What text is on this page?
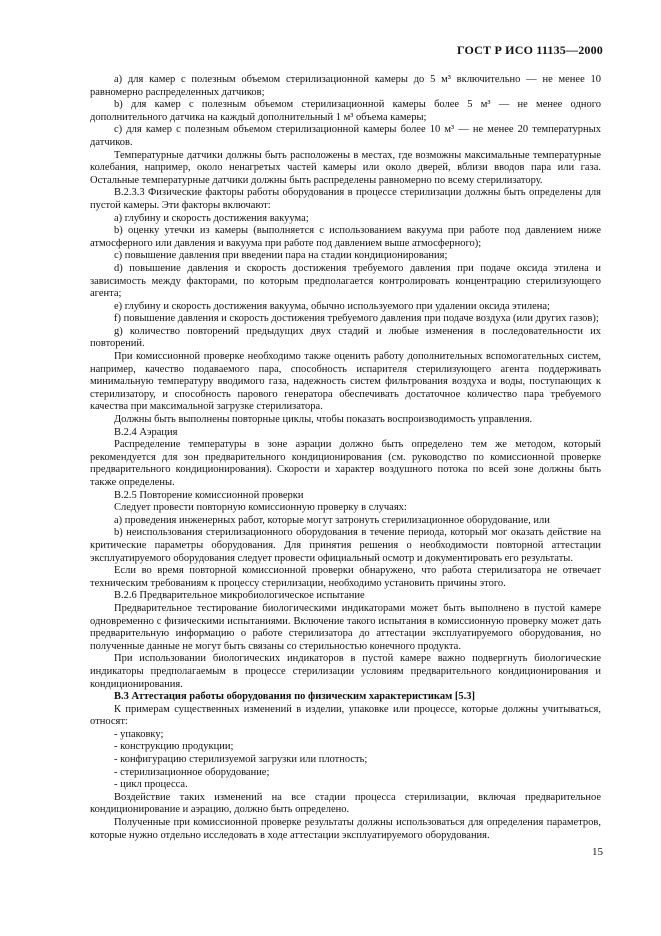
ГОСТ Р ИСО 11135—2000

a) для камер с полезным объемом стерилизационной камеры до 5 м³ включительно — не менее 10 равномерно распределенных датчиков;

b) для камер с полезным объемом стерилизационной камеры более 5 м³ — не менее одного дополнительного датчика на каждый дополнительный 1 м³ объема камеры;

c) для камер с полезным объемом стерилизационной камеры более 10 м³ — не менее 20 температурных датчиков.

Температурные датчики должны быть расположены в местах, где возможны максимальные температурные колебания, например, около ненагретых частей камеры или около дверей, вблизи вводов пара или газа. Остальные температурные датчики должны быть распределены равномерно по всему стерилизатору.

B.2.3.3 Физические факторы работы оборудования в процессе стерилизации должны быть определены для пустой камеры. Эти факторы включают:

a) глубину и скорость достижения вакуума;

b) оценку утечки из камеры (выполняется с использованием вакуума при работе под давлением ниже атмосферного или давления и вакуума при работе под давлением выше атмосферного);

c) повышение давления при введении пара на стадии кондиционирования;

d) повышение давления и скорость достижения требуемого давления при подаче оксида этилена и зависимость между факторами, по которым предполагается контролировать концентрацию стерилизующего агента;

e) глубину и скорость достижения вакуума, обычно используемого при удалении оксида этилена;

f) повышение давления и скорость достижения требуемого давления при подаче воздуха (или других газов);

g) количество повторений предыдущих двух стадий и любые изменения в последовательности их повторений.

При комиссионной проверке необходимо также оценить работу дополнительных вспомогательных систем, например, качество подаваемого пара, способность испарителя стерилизующего агента поддерживать минимальную температуру вводимого газа, надежность систем фильтрования воздуха и воды, поступающих к стерилизатору, и способность парового генератора обеспечивать достаточное количество пара требуемого качества при максимальной загрузке стерилизатора.

Должны быть выполнены повторные циклы, чтобы показать воспроизводимость управления.

B.2.4 Аэрация

Распределение температуры в зоне аэрации должно быть определено тем же методом, который рекомендуется для зон предварительного кондиционирования (см. руководство по комиссионной проверке предварительного кондиционирования). Скорости и характер воздушного потока по всей зоне должны быть также определены.

B.2.5 Повторение комиссионной проверки

Следует провести повторную комиссионную проверку в случаях:

a) проведения инженерных работ, которые могут затронуть стерилизационное оборудование, или

b) неиспользования стерилизационного оборудования в течение периода, который мог оказать действие на критические параметры оборудования. Для принятия решения о необходимости повторной аттестации эксплуатируемого оборудования следует провести официальный осмотр и документировать его результаты.

Если во время повторной комиссионной проверки обнаружено, что работа стерилизатора не отвечает техническим требованиям к процессу стерилизации, необходимо установить причины этого.

B.2.6 Предварительное микробиологическое испытание

Предварительное тестирование биологическими индикаторами может быть выполнено в пустой камере одновременно с физическими испытаниями. Включение такого испытания в комиссионную проверку может дать предварительную информацию о работе стерилизатора до аттестации эксплуатируемого оборудования, но полученные данные не могут быть связаны со стерильностью конечного продукта.

При использовании биологических индикаторов в пустой камере важно подвергнуть биологические индикаторы предполагаемым в процессе стерилизации условиям предварительного кондиционирования и кондиционирования.

B.3 Аттестация работы оборудования по физическим характеристикам [5.3]

К примерам существенных изменений в изделии, упаковке или процессе, которые должны учитываться, относят:

- упаковку;

- конструкцию продукции;

- конфигурацию стерилизуемой загрузки или плотность;

- стерилизационное оборудование;

- цикл процесса.

Воздействие таких изменений на все стадии процесса стерилизации, включая предварительное кондиционирование и аэрацию, должно быть определено.

Полученные при комиссионной проверке результаты должны использоваться для определения параметров, которые нужно отдельно исследовать в ходе аттестации эксплуатируемого оборудования.

15
